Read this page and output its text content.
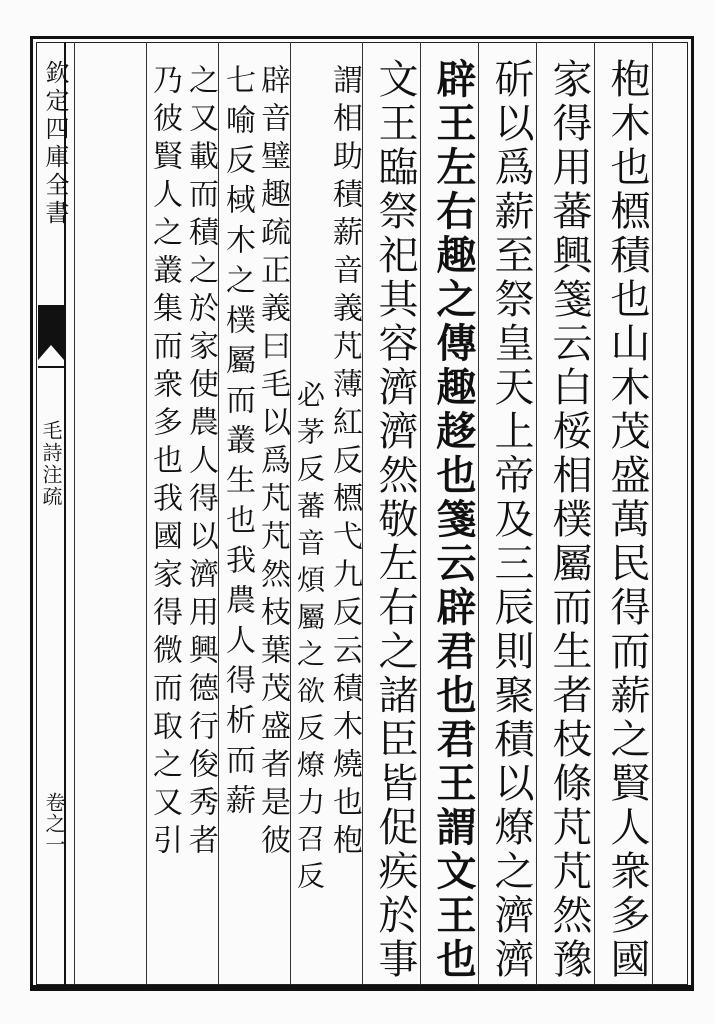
欽定四庫全書
毛詩注疏
卷之一	枹木也槱積也山木茂盛萬民得而薪之賢人衆多國
家得用蕃興箋云白桵相樸屬而生者枝條芃芃然豫
斫以爲薪至祭皇天上帝及三辰則聚積以燎之濟濟
辟王左右趣之傳趣趍也箋云辟君也君王謂文王也
文王臨祭祀其容濟濟然敬左右之諸臣皆促疾於事
謂相助積薪音義芃薄紅反槱弋九反云積木燒也枹
必茅反蕃音煩屬之欲反燎力召反
辟音璧趣疏正義曰毛以爲芃芃然枝葉茂盛者是彼
七喻反棫木之樸屬而叢生也我農人得析而薪
之又載而積之於家使農人得以濟用興德行俊秀者
乃彼賢人之叢集而衆多也我國家得微而取之又引
